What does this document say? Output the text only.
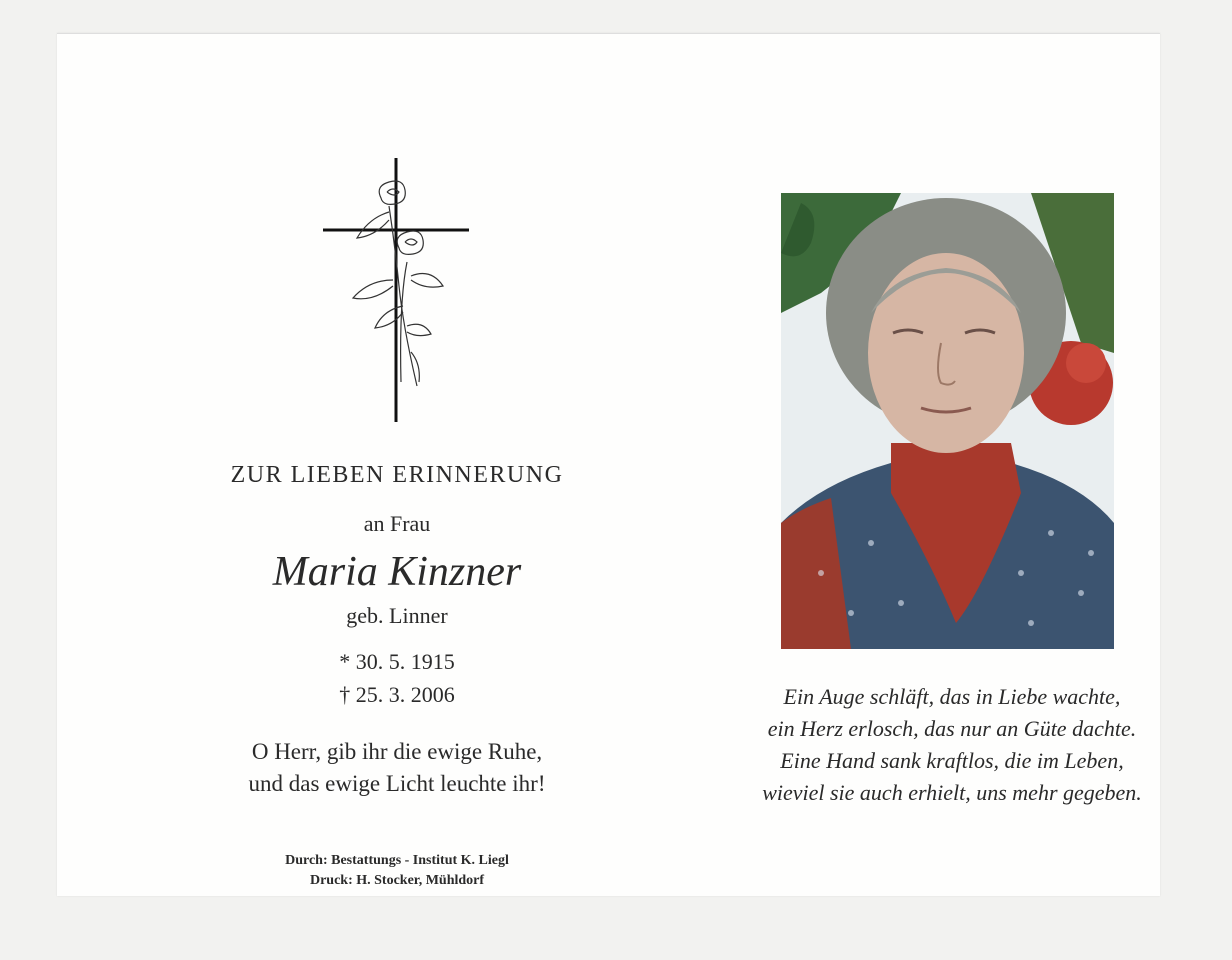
ZUR LIEBEN ERINNERUNG
an Frau
Maria Kinzner
geb. Linner
* 30. 5. 1915
† 25. 3. 2006
O Herr, gib ihr die ewige Ruhe,
und das ewige Licht leuchte ihr!
Durch: Bestattungs - Institut K. Liegl
Druck: H. Stocker, Mühldorf
Ein Auge schläft, das in Liebe wachte,
ein Herz erlosch, das nur an Güte dachte.
Eine Hand sank kraftlos, die im Leben,
wieviel sie auch erhielt, uns mehr gegeben.
